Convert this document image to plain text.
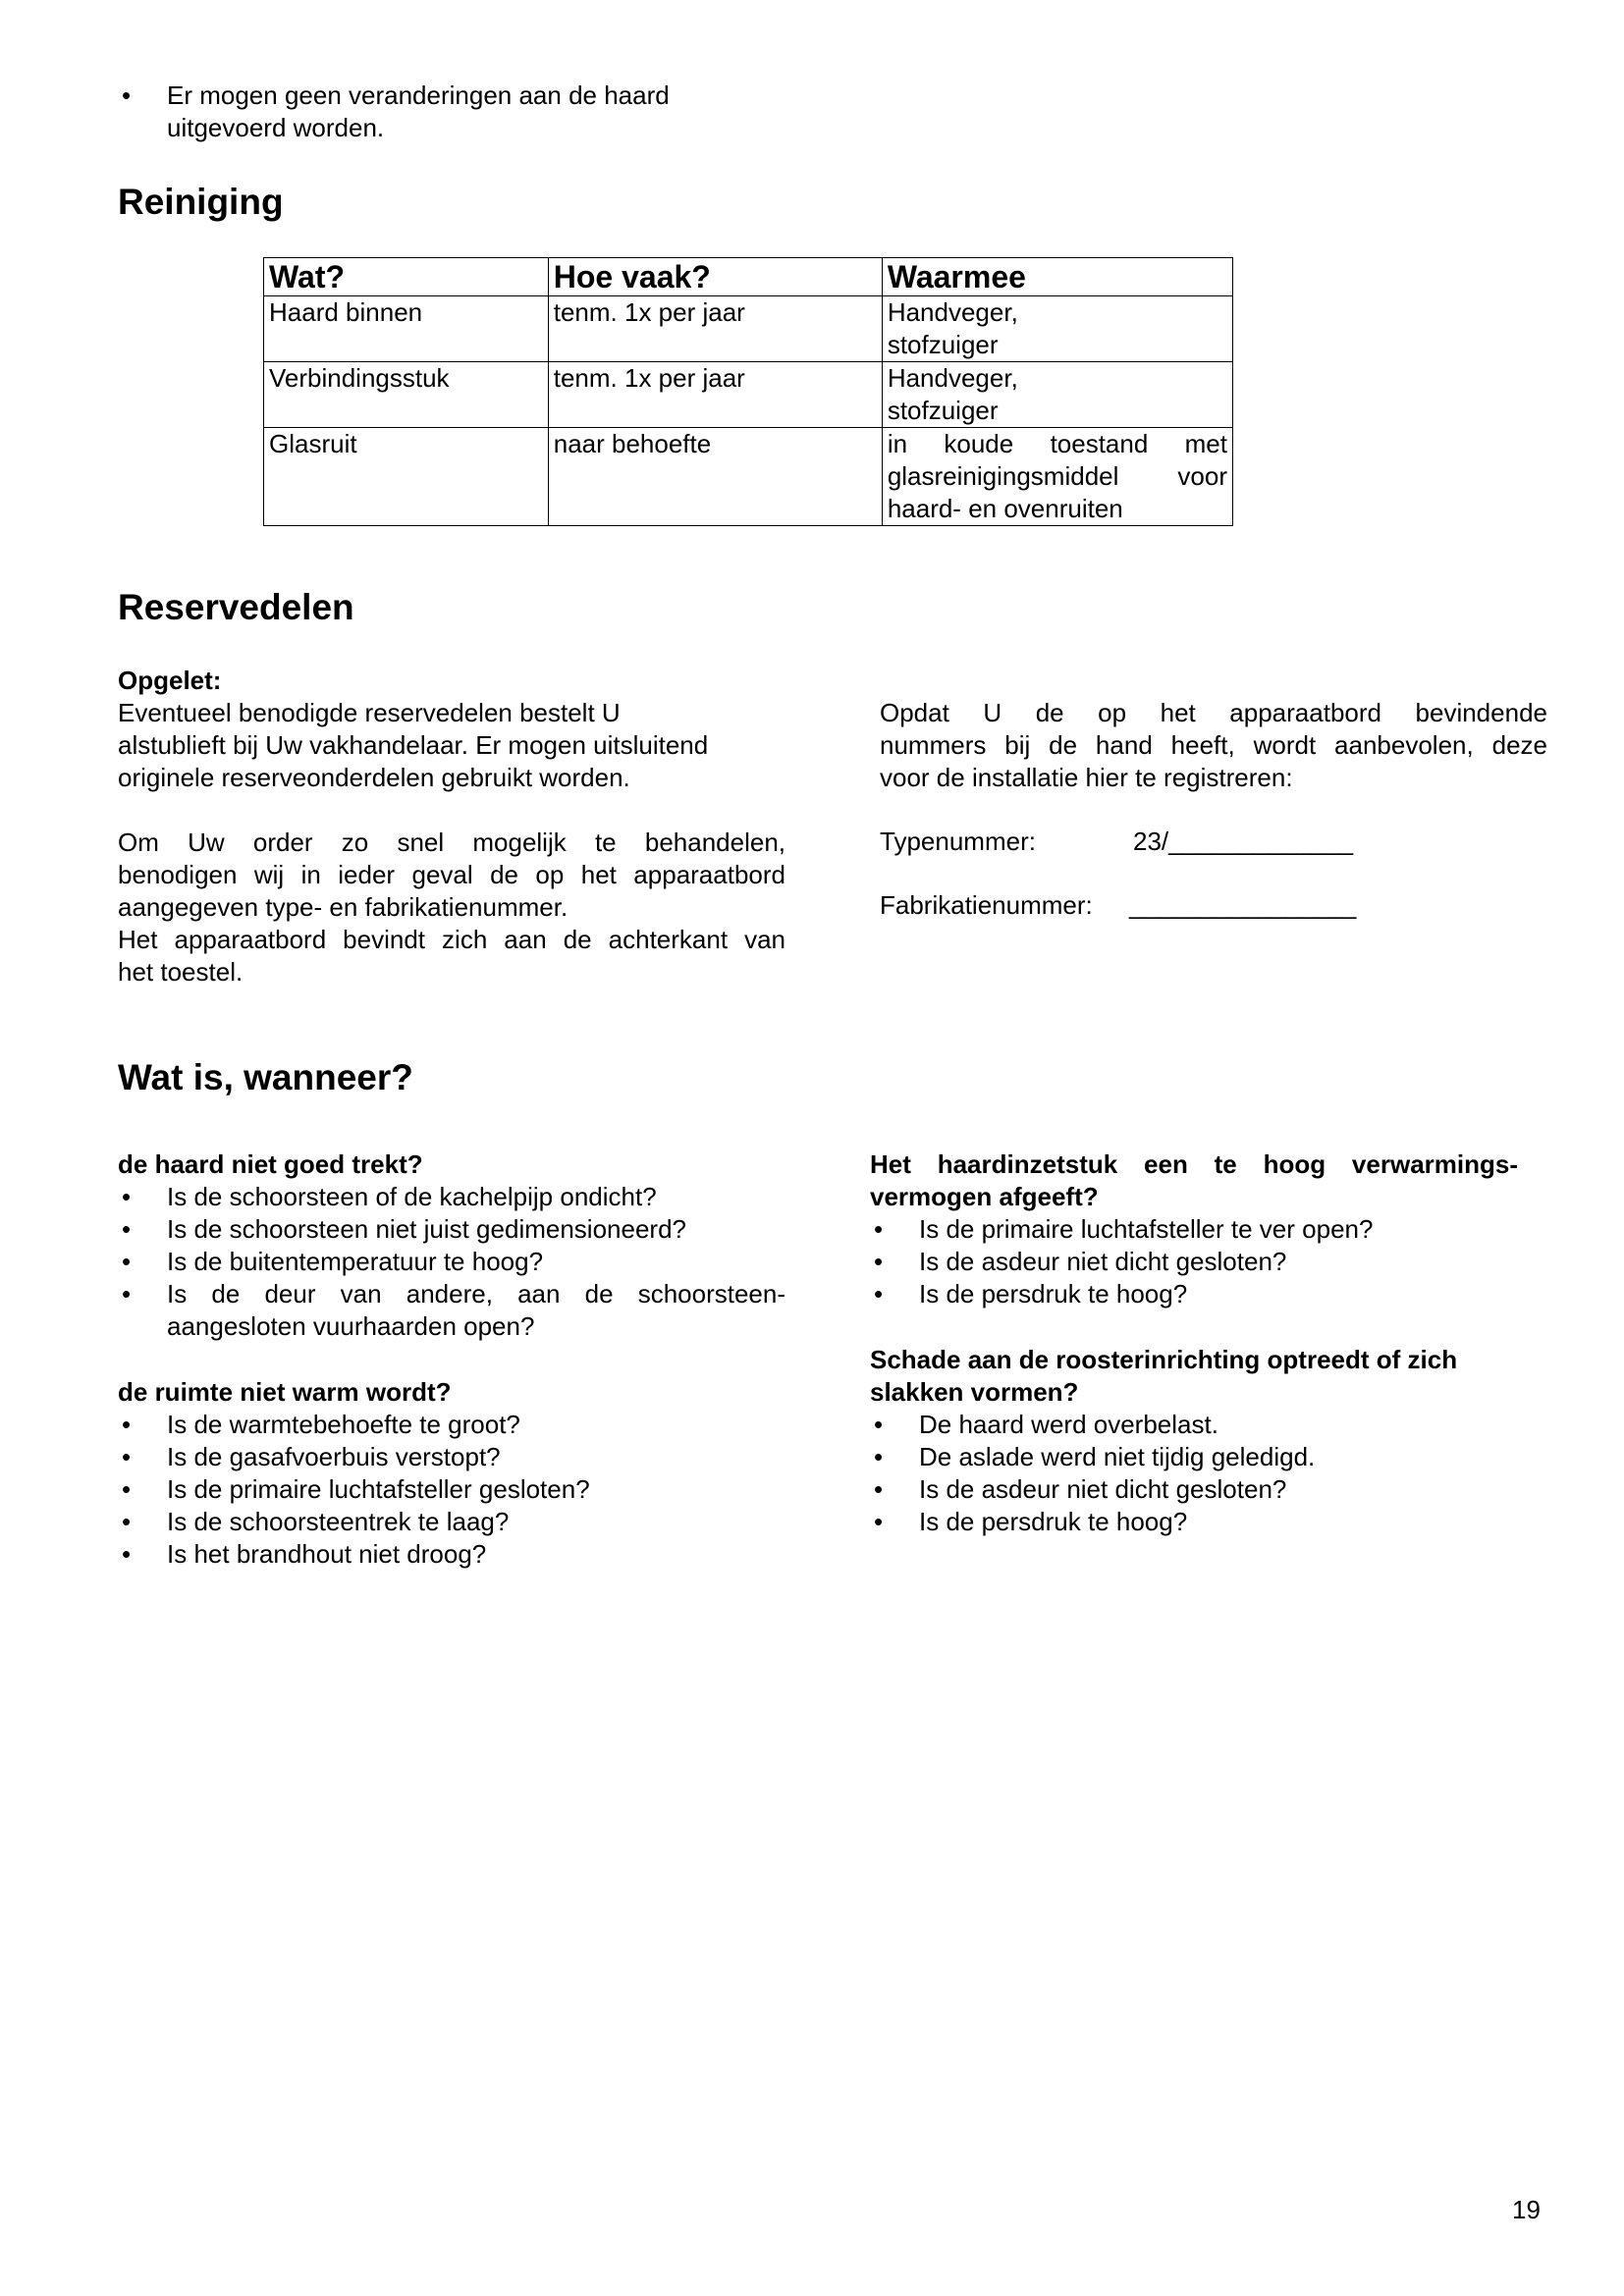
• Er mogen geen veranderingen aan de haard
uitgevoerd worden.
Reiniging
Wat?	Hoe vaak?	Waarmee
Haard binnen	tenm. 1x per jaar	Handveger,
stofzuiger
Verbindingsstuk	tenm. 1x per jaar	Handveger,
stofzuiger
Glasruit	naar behoefte	in koude toestand met
glasreinigingsmiddel voor
haard- en ovenruiten
Reservedelen
Opgelet:
Eventueel benodigde reservedelen bestelt U
alstublieft bij Uw vakhandelaar. Er mogen uitsluitend
originele reserveonderdelen gebruikt worden.
Om Uw order zo snel mogelijk te behandelen,
benodigen wij in ieder geval de op het apparaatbord
aangegeven type- en fabrikatienummer.
Het apparaatbord bevindt zich aan de achterkant van
het toestel.
Opdat U de op het apparaatbord bevindende
nummers bij de hand heeft, wordt aanbevolen, deze
voor de installatie hier te registreren:
Typenummer:	23/_____________
Fabrikatienummer: ________________
Wat is, wanneer?
de haard niet goed trekt?
• Is de schoorsteen of de kachelpijp ondicht?
• Is de schoorsteen niet juist gedimensioneerd?
• Is de buitentemperatuur te hoog?
• Is de deur van andere, aan de schoorsteen-
aangesloten vuurhaarden open?
de ruimte niet warm wordt?
• Is de warmtebehoefte te groot?
• Is de gasafvoerbuis verstopt?
• Is de primaire luchtafsteller gesloten?
• Is de schoorsteentrek te laag?
• Is het brandhout niet droog?
Het haardinzetstuk een te hoog verwarmings-
vermogen afgeeft?
• Is de primaire luchtafsteller te ver open?
• Is de asdeur niet dicht gesloten?
• Is de persdruk te hoog?
Schade aan de roosterinrichting optreedt of zich
slakken vormen?
• De haard werd overbelast.
• De aslade werd niet tijdig geledigd.
• Is de asdeur niet dicht gesloten?
• Is de persdruk te hoog?
19
